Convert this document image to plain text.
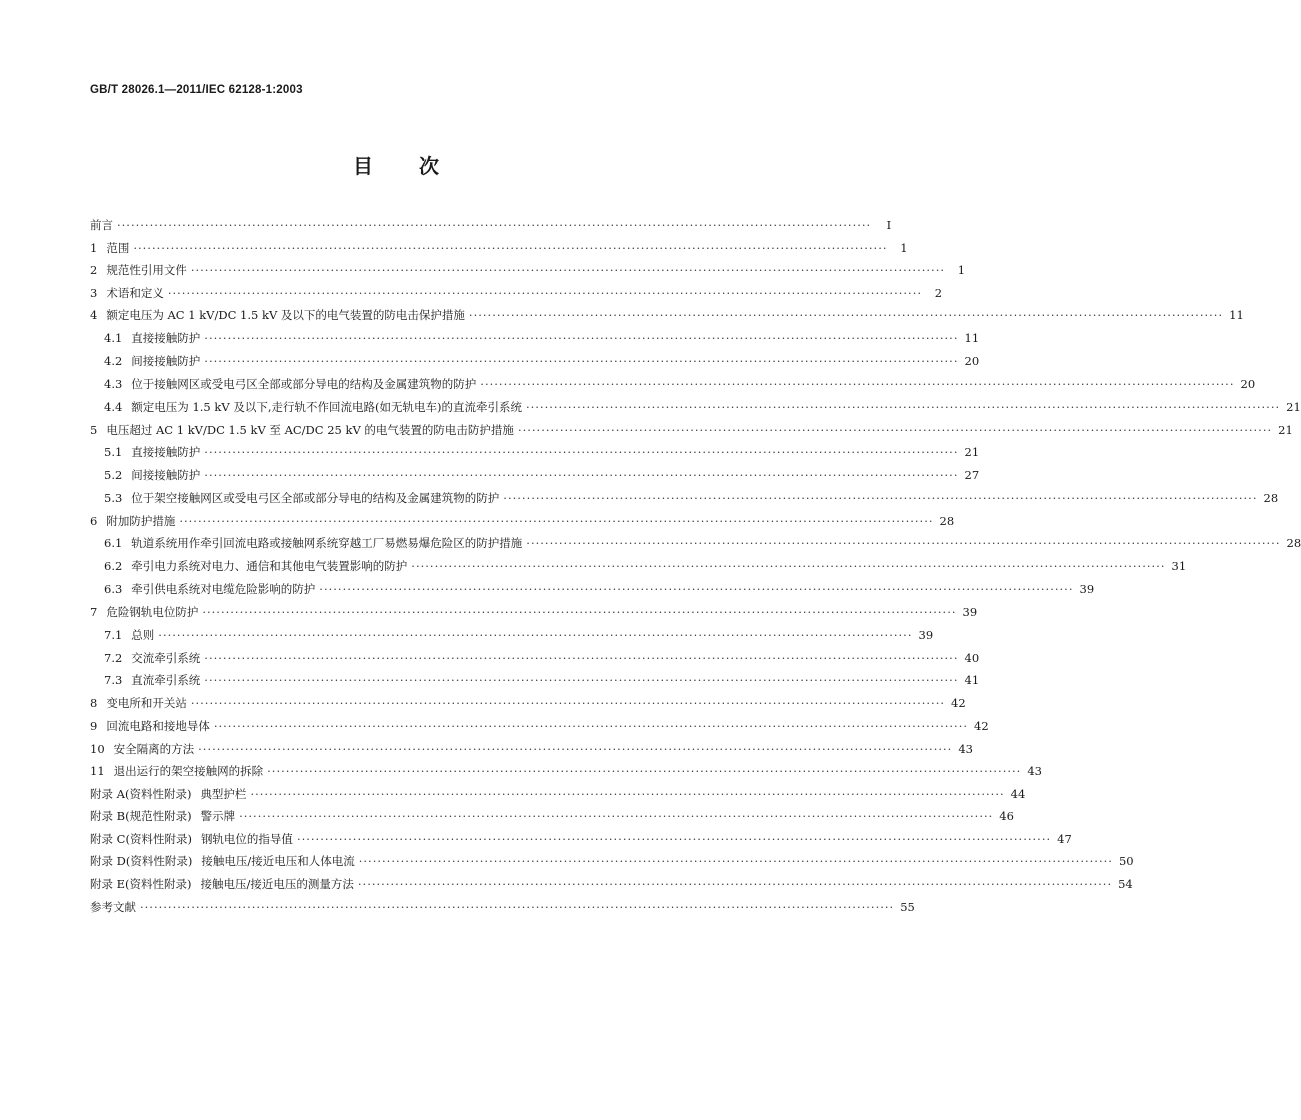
GB/T 28026.1—2011/IEC 62128-1:2003
目 次
前言 ·····	Ⅰ
1 范围 ·····	1
2 规范性引用文件 ·····	1
3 术语和定义 ·····	2
4 额定电压为 AC 1 kV/DC 1.5 kV 及以下的电气装置的防电击保护措施 ·····	11
4.1 直接接触防护 ·····	11
4.2 间接接触防护 ·····	20
4.3 位于接触网区或受电弓区全部或部分导电的结构及金属建筑物的防护 ·····	20
4.4 额定电压为 1.5 kV 及以下,走行轨不作回流电路(如无轨电车)的直流牵引系统 ·····	21
5 电压超过 AC 1 kV/DC 1.5 kV 至 AC/DC 25 kV 的电气装置的防电击防护措施 ·····	21
5.1 直接接触防护 ·····	21
5.2 间接接触防护 ·····	27
5.3 位于架空接触网区或受电弓区全部或部分导电的结构及金属建筑物的防护 ·····	28
6 附加防护措施 ·····	28
6.1 轨道系统用作牵引回流电路或接触网系统穿越工厂易燃易爆危险区的防护措施 ·····	28
6.2 牵引电力系统对电力、通信和其他电气装置影响的防护 ·····	31
6.3 牵引供电系统对电缆危险影响的防护 ·····	39
7 危险钢轨电位防护 ·····	39
7.1 总则 ·····	39
7.2 交流牵引系统 ·····	40
7.3 直流牵引系统 ·····	41
8 变电所和开关站 ·····	42
9 回流电路和接地导体 ·····	42
10 安全隔离的方法 ·····	43
11 退出运行的架空接触网的拆除 ·····	43
附录 A(资料性附录) 典型护栏 ·····	44
附录 B(规范性附录) 警示牌 ·····	46
附录 C(资料性附录) 钢轨电位的指导值 ·····	47
附录 D(资料性附录) 接触电压/接近电压和人体电流 ·····	50
附录 E(资料性附录) 接触电压/接近电压的测量方法 ·····	54
参考文献 ·····	55
